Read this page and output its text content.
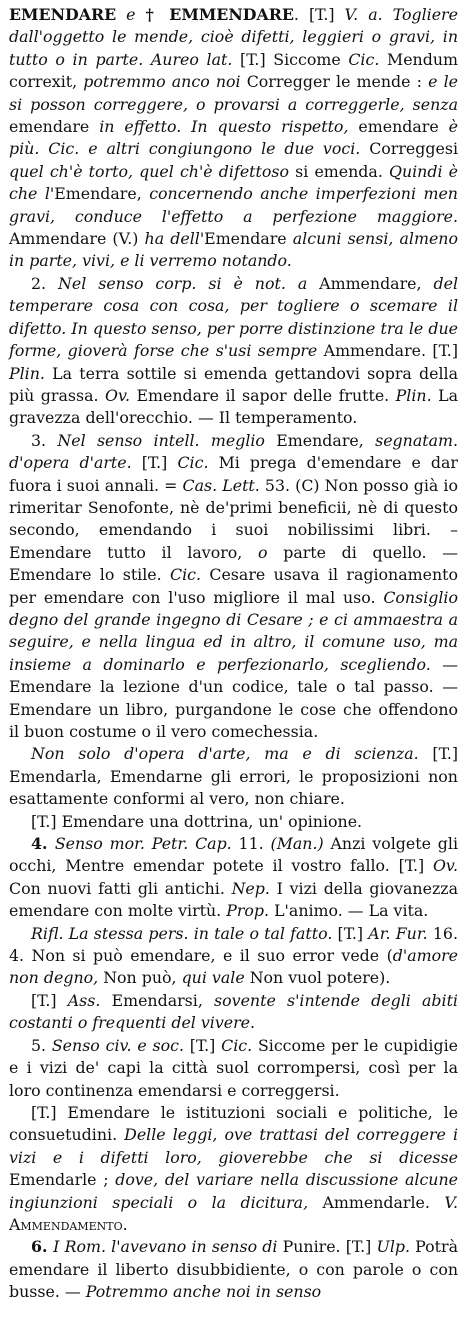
EMENDARE e † EMMENDARE. [T.] V. a. Togliere dall'oggetto le mende, cioè difetti, leggieri o gravi, in tutto o in parte. Aureo lat. [T.] Siccome Cic. Mendum correxit, potremmo anco noi Corregger le mende : e le si posson correggere, o provarsi a correggerle, senza emendare in effetto. In questo rispetto, emendare è più. Cic. e altri congiungono le due voci. Correggesi quel ch'è torto, quel ch'è difettoso si emenda. Quindi è che l'Emendare, concernendo anche imperfezioni men gravi, conduce l'effetto a perfezione maggiore. Ammendare (V.) ha dell'Emendare alcuni sensi, almeno in parte, vivi, e li verremo notando.

2. Nel senso corp. si è not. a Ammendare, del temperare cosa con cosa, per togliere o scemare il difetto. In questo senso, per porre distinzione tra le due forme, gioverà forse che s'usi sempre Ammendare. [T.] Plin. La terra sottile si emenda gettandovi sopra della più grassa. Ov. Emendare il sapor delle frutte. Plin. La gravezza dell'orecchio. — Il temperamento.

3. Nel senso intell. meglio Emendare, segnatam. d'opera d'arte. [T.] Cic. Mi prega d'emendare e dar fuora i suoi annali. = Cas. Lett. 53. (C) Non posso già io rimeritar Senofonte, nè de'primi beneficii, nè di questo secondo, emendando i suoi nobilissimi libri. – Emendare tutto il lavoro, o parte di quello. — Emendare lo stile. Cic. Cesare usava il ragionamento per emendare con l'uso migliore il mal uso. Consiglio degno del grande ingegno di Cesare ; e ci ammaestra a seguire, e nella lingua ed in altro, il comune uso, ma insieme a dominarlo e perfezionarlo, scegliendo. — Emendare la lezione d'un codice, tale o tal passo. — Emendare un libro, purgandone le cose che offendono il buon costume o il vero comechessia.

Non solo d'opera d'arte, ma e di scienza. [T.] Emendarla, Emendarne gli errori, le proposizioni non esattamente conformi al vero, non chiare.

[T.] Emendare una dottrina, un' opinione.

4. Senso mor. Petr. Cap. 11. (Man.) Anzi volgete gli occhi, Mentre emendar potete il vostro fallo. [T.] Ov. Con nuovi fatti gli antichi. Nep. I vizi della giovanezza emendare con molte virtù. Prop. L'animo. — La vita.

Rifl. La stessa pers. in tale o tal fatto. [T.] Ar. Fur. 16. 4. Non si può emendare, e il suo error vede (d'amore non degno, Non può, qui vale Non vuol potere).

[T.] Ass. Emendarsi, sovente s'intende degli abiti costanti o frequenti del vivere.

5. Senso civ. e soc. [T.] Cic. Siccome per le cupidigie e i vizi de' capi la città suol corrompersi, così per la loro continenza emendarsi e correggersi.

[T.] Emendare le istituzioni sociali e politiche, le consuetudini. Delle leggi, ove trattasi del correggere i vizi e i difetti loro, gioverebbe che si dicesse Emendarle ; dove, del variare nella discussione alcune ingiunzioni speciali o la dicitura, Ammendarle. V. Ammendamento.

6. I Rom. l'avevano in senso di Punire. [T.] Ulp. Potrà emendare il liberto disubbidiente, o con parole o con busse. — Potremmo anche noi in senso
